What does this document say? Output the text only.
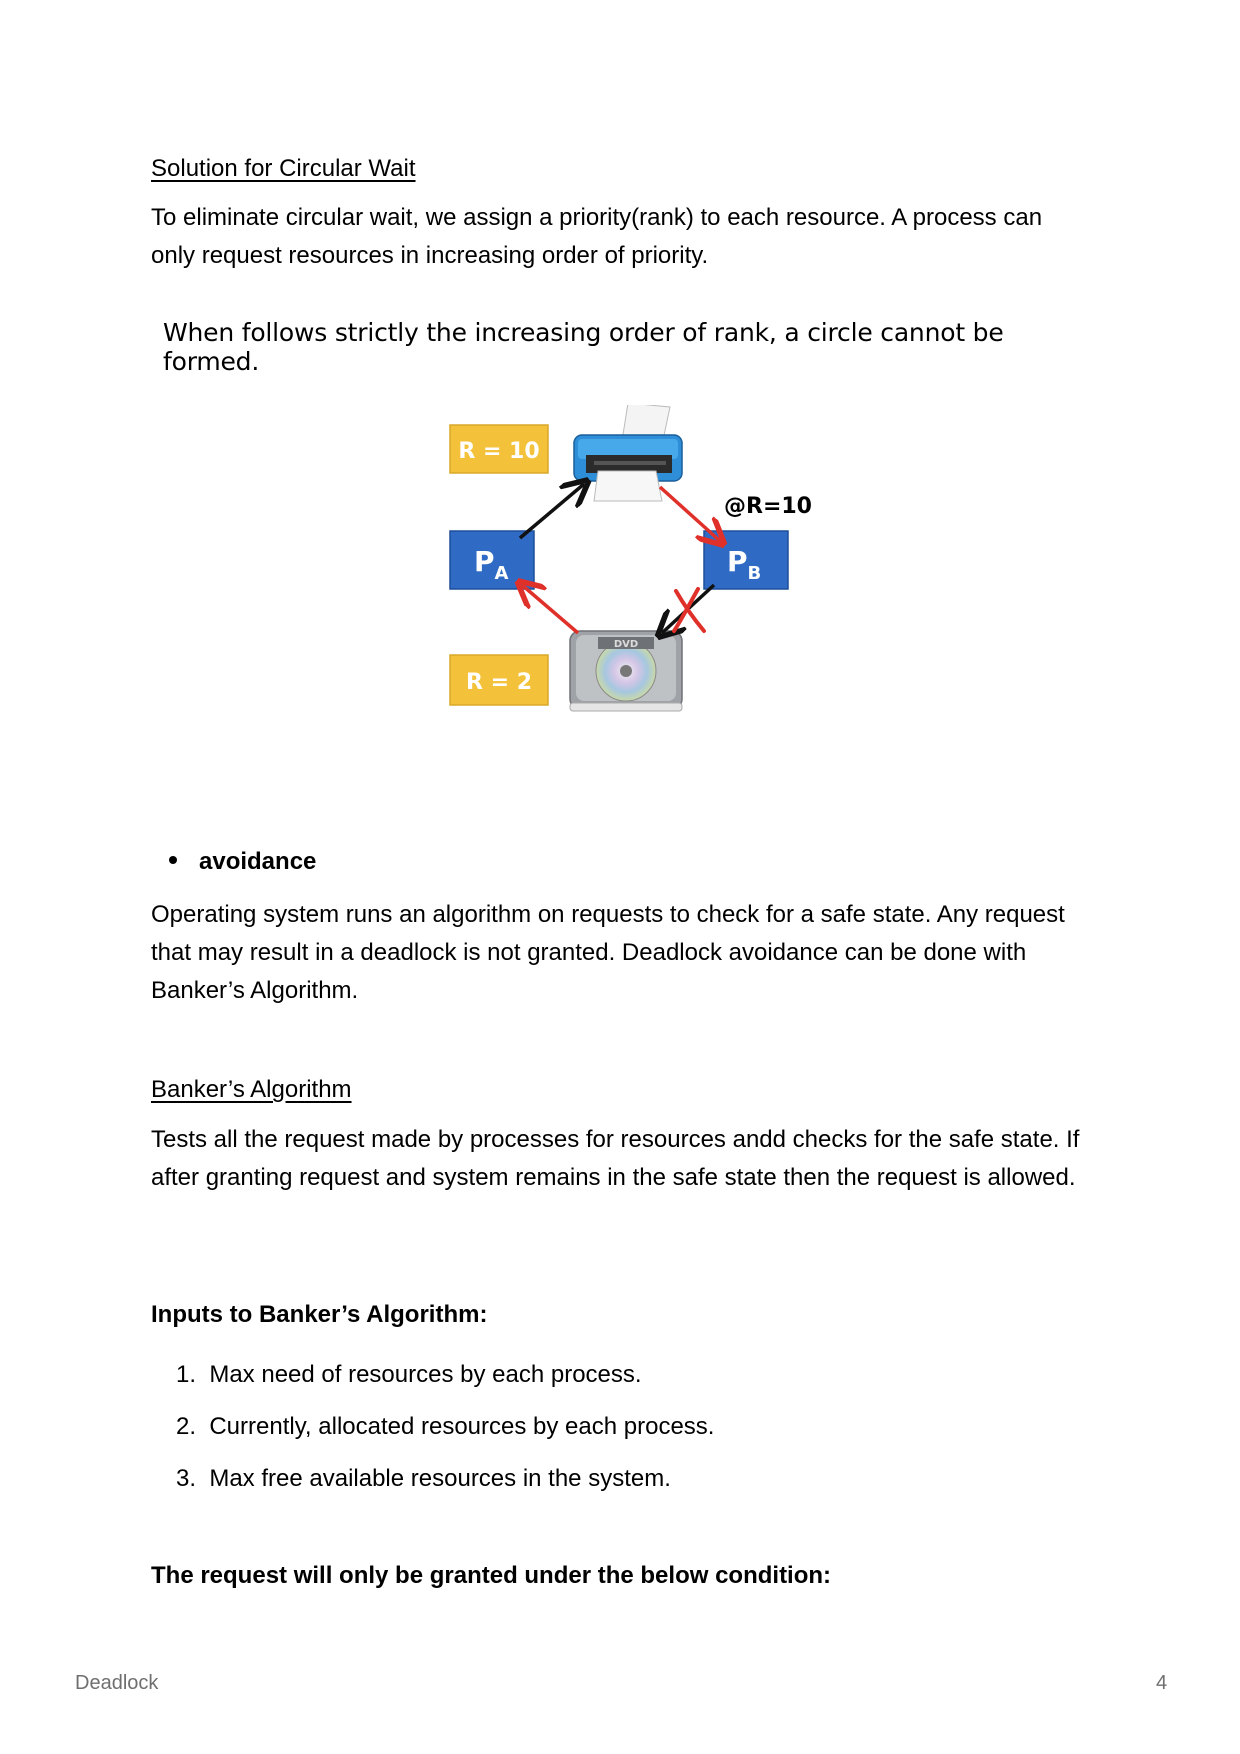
Solution for Circular Wait

To eliminate circular wait, we assign a priority(rank) to each resource. A process can only request resources in increasing order of priority.

When follows strictly the increasing order of rank, a circle cannot be formed.

avoidance

Operating system runs an algorithm on requests to check for a safe state. Any request that may result in a deadlock is not granted. Deadlock avoidance can be done with Banker’s Algorithm.

Banker’s Algorithm

Tests all the request made by processes for resources andd checks for the safe state. If after granting request and system remains in the safe state then the request is allowed.

Inputs to Banker’s Algorithm:

1. Max need of resources by each process.
2. Currently, allocated resources by each process.
3. Max free available resources in the system.

The request will only be granted under the below condition:

R = 10
R = 2
$P_A$	$P_B$
@R=10
DVD
Deadlock	4
